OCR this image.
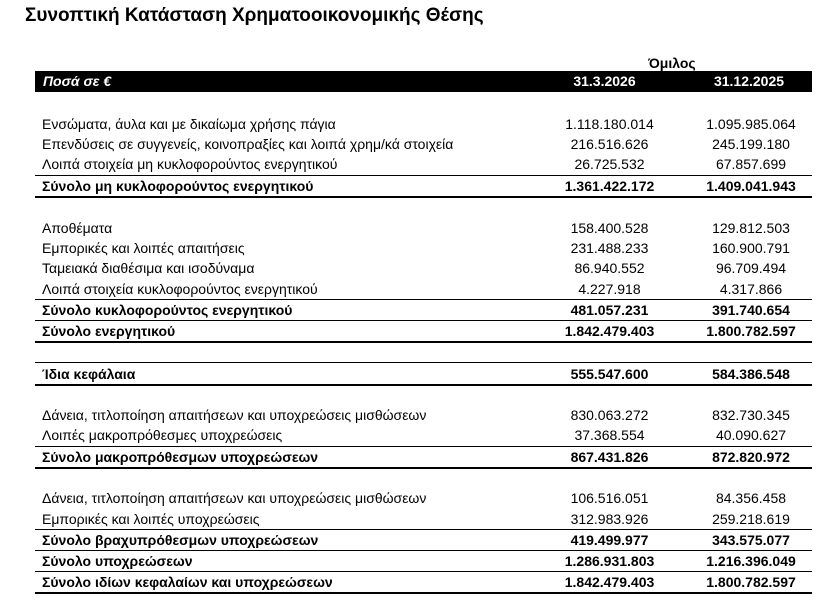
Συνοπτική Κατάσταση Χρηματοοικονομικής Θέσης
Όμιλος
Ποσά σε €	31.3.2026	31.12.2025
Ενσώματα, άυλα και με δικαίωμα χρήσης πάγια	1.118.180.014	1.095.985.064
Επενδύσεις σε συγγενείς, κοινοπραξίες και λοιπά χρημ/κά στοιχεία	216.516.626	245.199.180
Λοιπά στοιχεία μη κυκλοφορούντος ενεργητικού	26.725.532	67.857.699
Σύνολο μη κυκλοφορούντος ενεργητικού	1.361.422.172	1.409.041.943
Αποθέματα	158.400.528	129.812.503
Εμπορικές και λοιπές απαιτήσεις	231.488.233	160.900.791
Ταμειακά διαθέσιμα και ισοδύναμα	86.940.552	96.709.494
Λοιπά στοιχεία κυκλοφορούντος ενεργητικού	4.227.918	4.317.866
Σύνολο κυκλοφορούντος ενεργητικού	481.057.231	391.740.654
Σύνολο ενεργητικού	1.842.479.403	1.800.782.597
Ίδια κεφάλαια	555.547.600	584.386.548
Δάνεια, τιτλοποίηση απαιτήσεων και υποχρεώσεις μισθώσεων	830.063.272	832.730.345
Λοιπές μακροπρόθεσμες υποχρεώσεις	37.368.554	40.090.627
Σύνολο μακροπρόθεσμων υποχρεώσεων	867.431.826	872.820.972
Δάνεια, τιτλοποίηση απαιτήσεων και υποχρεώσεις μισθώσεων	106.516.051	84.356.458
Εμπορικές και λοιπές υποχρεώσεις	312.983.926	259.218.619
Σύνολο βραχυπρόθεσμων υποχρεώσεων	419.499.977	343.575.077
Σύνολο υποχρεώσεων	1.286.931.803	1.216.396.049
Σύνολο ιδίων κεφαλαίων και υποχρεώσεων	1.842.479.403	1.800.782.597
